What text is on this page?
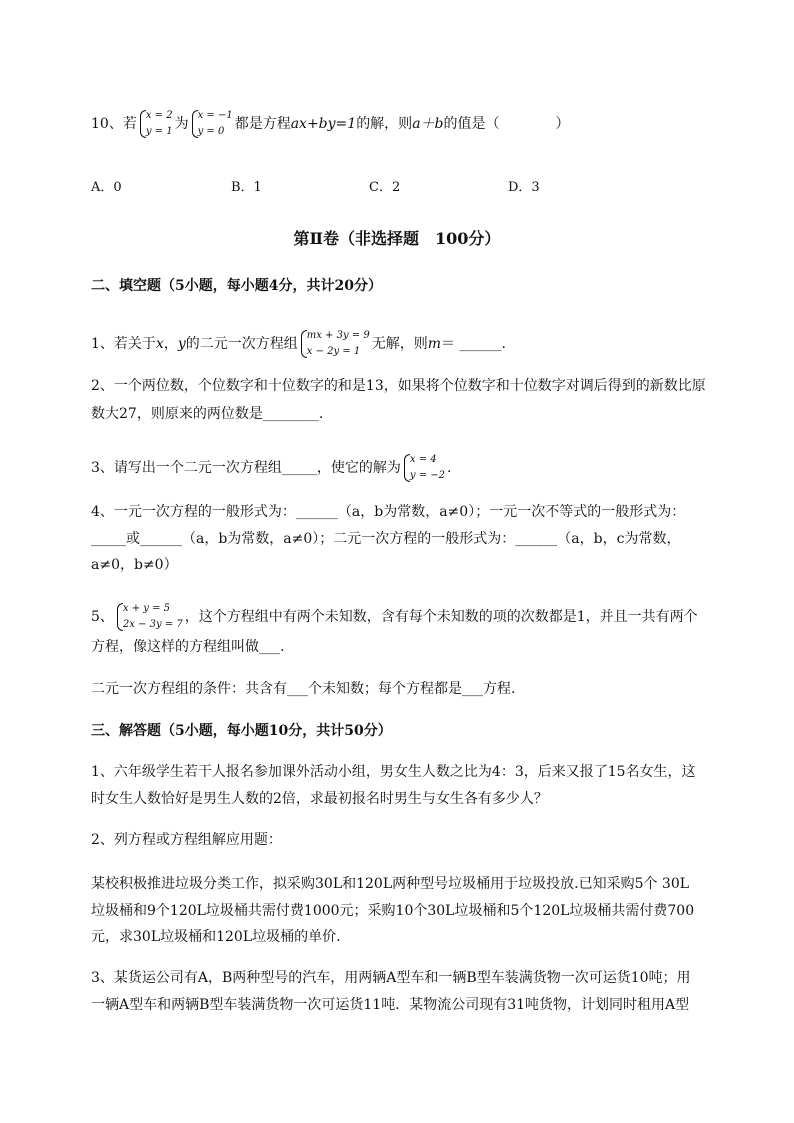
10、若
x = 2
y = 1 为
x = −1
y = 0 都是方程ax+by=1的解，则a＋b的值是（　　　　）
A．0	B．1	C．2	D．3
第Ⅱ卷（非选择题　100分）
二、填空题（5小题，每小题4分，共计20分）
1、若关于x，y的二元一次方程组
mx + 3y = 9
x − 2y = 1 无解，则m＝ ______.
2、一个两位数，个位数字和十位数字的和是13，如果将个位数字和十位数字对调后得到的新数比原
数大27，则原来的两位数是________.
3、请写出一个二元一次方程组_____，使它的解为
x = 4
y = −2 .
4、一元一次方程的一般形式为：______（a，b为常数，a≠0）；一元一次不等式的一般形式为：
_____或______（a，b为常数，a≠0）；二元一次方程的一般形式为：______（a，b，c为常数，
a≠0，b≠0）
5、
x + y = 5
2x − 3y = 7 ，这个方程组中有两个未知数，含有每个未知数的项的次数都是1，并且一共有两个
方程，像这样的方程组叫做___.
二元一次方程组的条件：共含有___个未知数；每个方程都是___方程.
三、解答题（5小题，每小题10分，共计50分）
1、六年级学生若干人报名参加课外活动小组，男女生人数之比为4：3，后来又报了15名女生，这
时女生人数恰好是男生人数的2倍，求最初报名时男生与女生各有多少人？
2、列方程或方程组解应用题：
某校积极推进垃圾分类工作，拟采购30L和120L两种型号垃圾桶用于垃圾投放.已知采购5个 30L
垃圾桶和9个120L垃圾桶共需付费1000元；采购10个30L垃圾桶和5个120L垃圾桶共需付费700
元，求30L垃圾桶和120L垃圾桶的单价.
3、某货运公司有A，B两种型号的汽车，用两辆A型车和一辆B型车装满货物一次可运货10吨；用
一辆A型车和两辆B型车装满货物一次可运货11吨．某物流公司现有31吨货物，计划同时租用A型
